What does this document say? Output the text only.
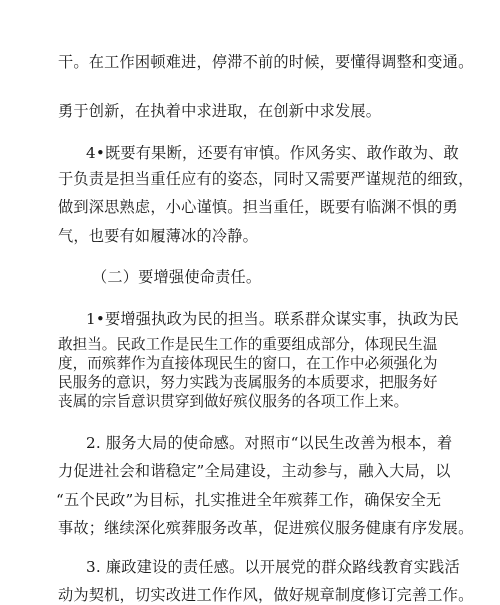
干。在工作困顿难进，停滞不前的时候，要懂得调整和变通。
勇于创新，在执着中求进取，在创新中求发展。
4•既要有果断，还要有审慎。作风务实、敢作敢为、敢
于负责是担当重任应有的姿态，同时又需要严谨规范的细致，
做到深思熟虑，小心谨慎。担当重任，既要有临渊不惧的勇
气，也要有如履薄冰的冷静。
（二）要增强使命责任。
1•要增强执政为民的担当。联系群众谋实事，执政为民
敢担当。民政工作是民生工作的重要组成部分，体现民生温
度，而殡葬作为直接体现民生的窗口，在工作中必须强化为
民服务的意识，努力实践为丧属服务的本质要求，把服务好
丧属的宗旨意识贯穿到做好殡仪服务的各项工作上来。
2. 服务大局的使命感。对照市“以民生改善为根本，着
力促进社会和谐稳定”全局建设，主动参与，融入大局，以
“五个民政”为目标，扎实推进全年殡葬工作，确保安全无
事故；继续深化殡葬服务改革，促进殡仪服务健康有序发展。
3. 廉政建设的责任感。以开展党的群众路线教育实践活
动为契机，切实改进工作作风，做好规章制度修订完善工作。
